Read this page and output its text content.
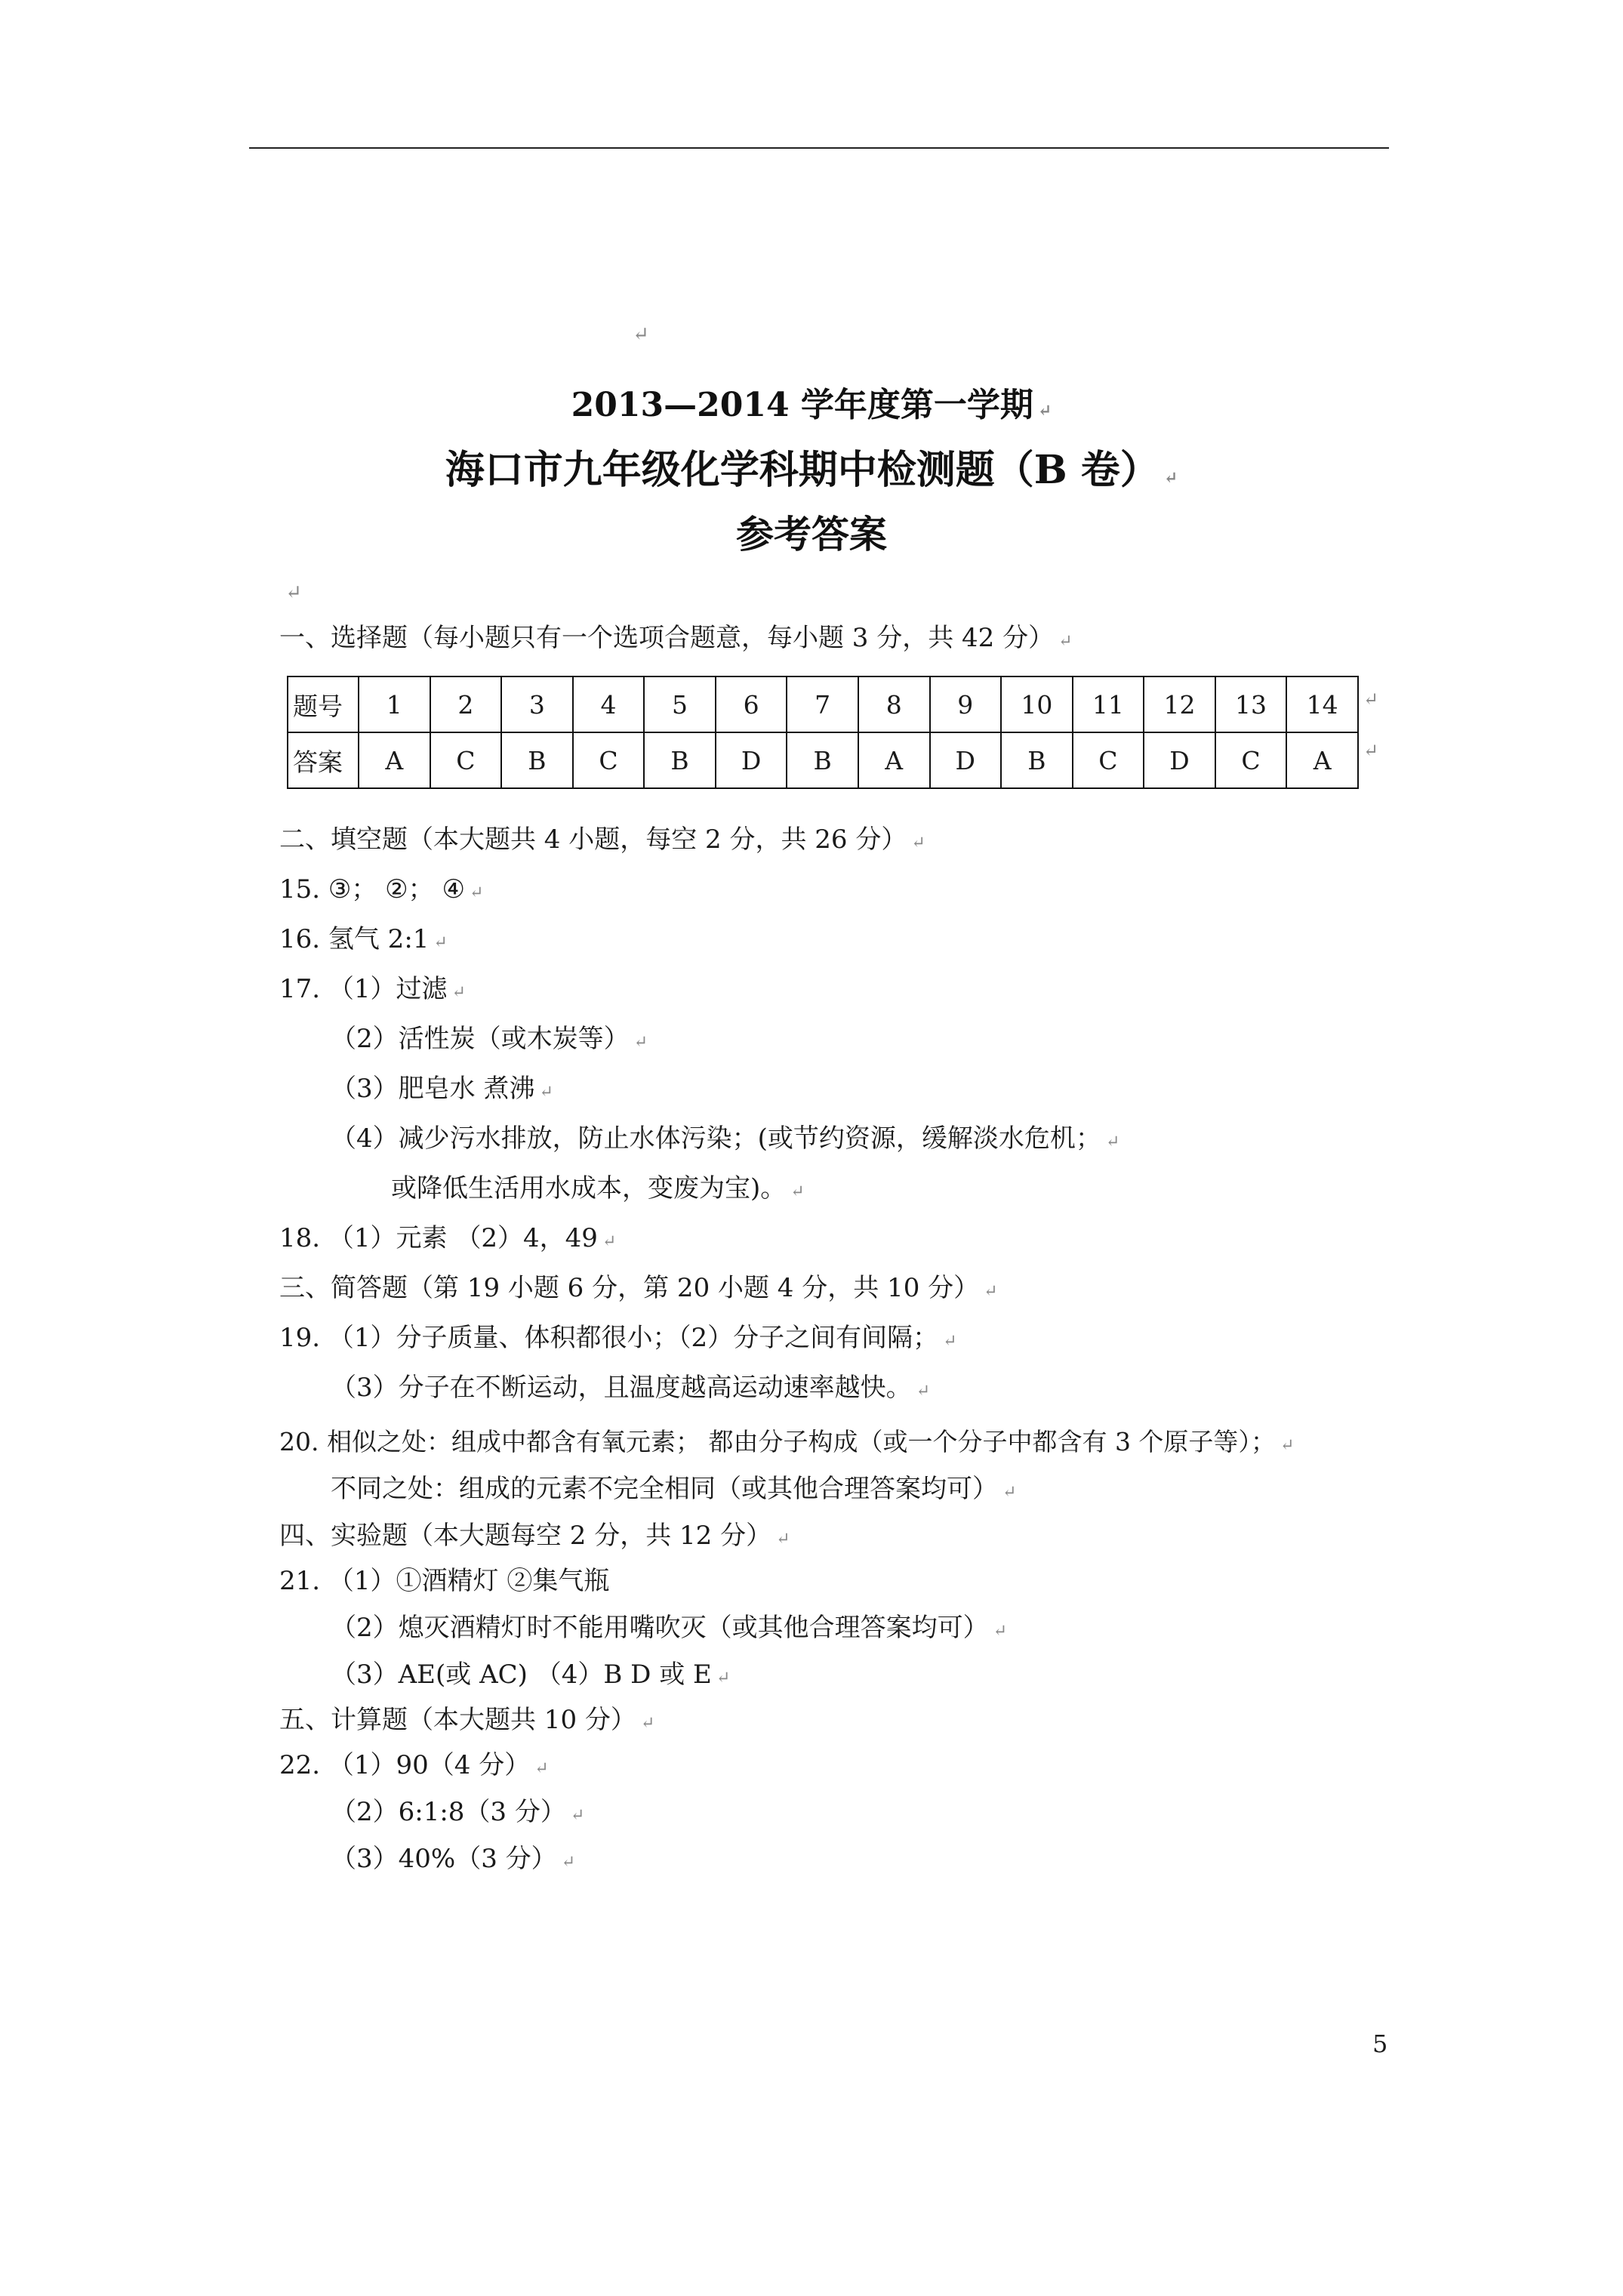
↵
2013—2014 学年度第一学期 ↵
海口市九年级化学科期中检测题（B 卷） ↵
参考答案
↵
一、选择题（每小题只有一个选项合题意，每小题 3 分，共 42 分） ↵
题号	1	2	3	4	5	6	7	8	9	10	11	12	13	14
答案	A	C	B	C	B	D	B	A	D	B	C	D	C	A
↵
↵
二、填空题（本大题共 4 小题，每空 2 分，共 26 分） ↵
15. ③； ②； ④ ↵
16. 氢气 2:1 ↵
17. （1）过滤 ↵
（2）活性炭（或木炭等） ↵
（3）肥皂水 煮沸 ↵
（4）减少污水排放，防止水体污染；(或节约资源，缓解淡水危机； ↵
或降低生活用水成本，变废为宝)。 ↵
18. （1）元素 （2）4，49 ↵
三、简答题（第 19 小题 6 分，第 20 小题 4 分，共 10 分） ↵
19. （1）分子质量、体积都很小；（2）分子之间有间隔； ↵
（3）分子在不断运动，且温度越高运动速率越快。 ↵
20. 相似之处：组成中都含有氧元素； 都由分子构成（或一个分子中都含有 3 个原子等）； ↵
不同之处：组成的元素不完全相同（或其他合理答案均可） ↵
四、实验题（本大题每空 2 分，共 12 分） ↵
21. （1）①酒精灯 ②集气瓶
（2）熄灭酒精灯时不能用嘴吹灭（或其他合理答案均可） ↵
（3）AE(或 AC) （4）B D 或 E ↵
五、计算题（本大题共 10 分） ↵
22. （1）90（4 分） ↵
（2）6:1:8（3 分） ↵
（3）40%（3 分） ↵
5
